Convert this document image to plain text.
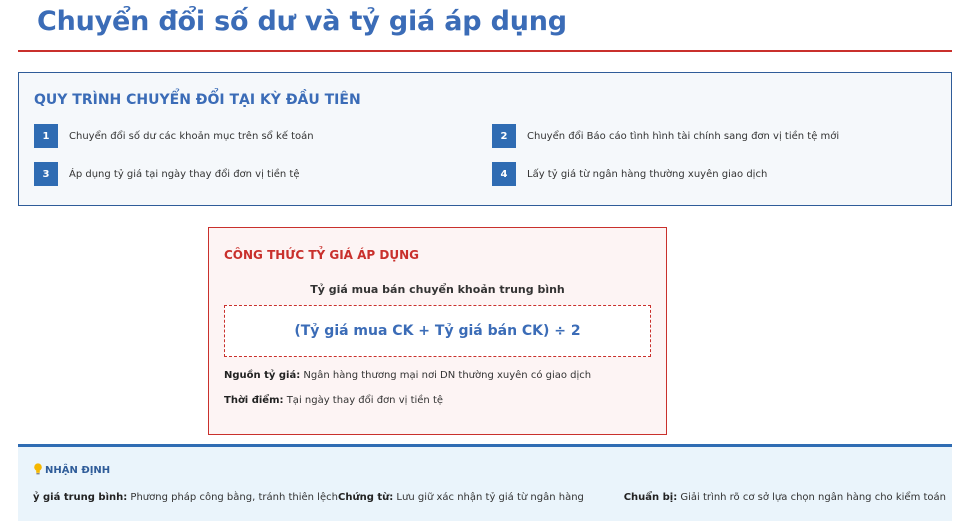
Chuyển đổi số dư và tỷ giá áp dụng
QUY TRÌNH CHUYỂN ĐỔI TẠI KỲ ĐẦU TIÊN
1	Chuyển đổi số dư các khoản mục trên sổ kế toán	2	Chuyển đổi Báo cáo tình hình tài chính sang đơn vị tiền tệ mới
3	Áp dụng tỷ giá tại ngày thay đổi đơn vị tiền tệ	4	Lấy tỷ giá từ ngân hàng thường xuyên giao dịch
CÔNG THỨC TỶ GIÁ ÁP DỤNG
Tỷ giá mua bán chuyển khoản trung bình
(Tỷ giá mua CK + Tỷ giá bán CK) ÷ 2
Nguồn tỷ giá: Ngân hàng thương mại nơi DN thường xuyên có giao dịch
Thời điểm: Tại ngày thay đổi đơn vị tiền tệ
NHẬN ĐỊNH
ỷ giá trung bình: Phương pháp công bằng, tránh thiên lệch Chứng từ: Lưu giữ xác nhận tỷ giá từ ngân hàng	Chuẩn bị: Giải trình rõ cơ sở lựa chọn ngân hàng cho kiểm toán
